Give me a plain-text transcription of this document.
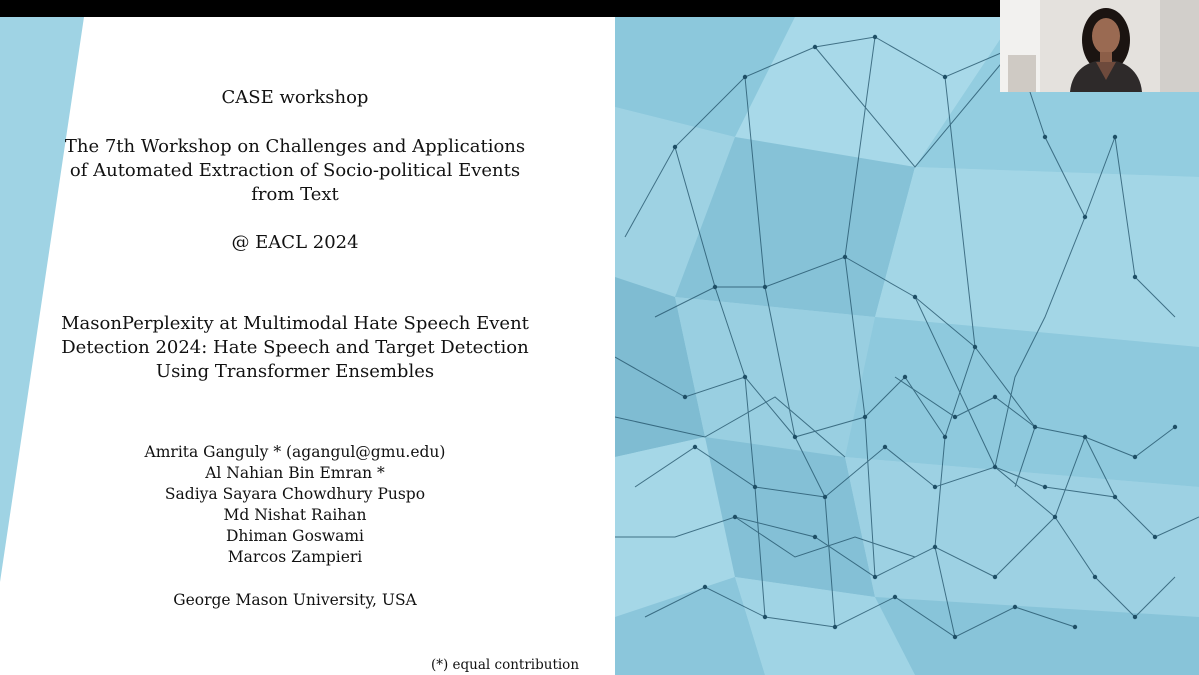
CASE workshop
The 7th Workshop on Challenges and Applications
of Automated Extraction of Socio-political Events
from Text
@ EACL 2024
MasonPerplexity at Multimodal Hate Speech Event
Detection 2024: Hate Speech and Target Detection
Using Transformer Ensembles
Amrita Ganguly * (agangul@gmu.edu)
Al Nahian Bin Emran *
Sadiya Sayara Chowdhury Puspo
Md Nishat Raihan
Dhiman Goswami
Marcos Zampieri
George Mason University, USA
(*) equal contribution
